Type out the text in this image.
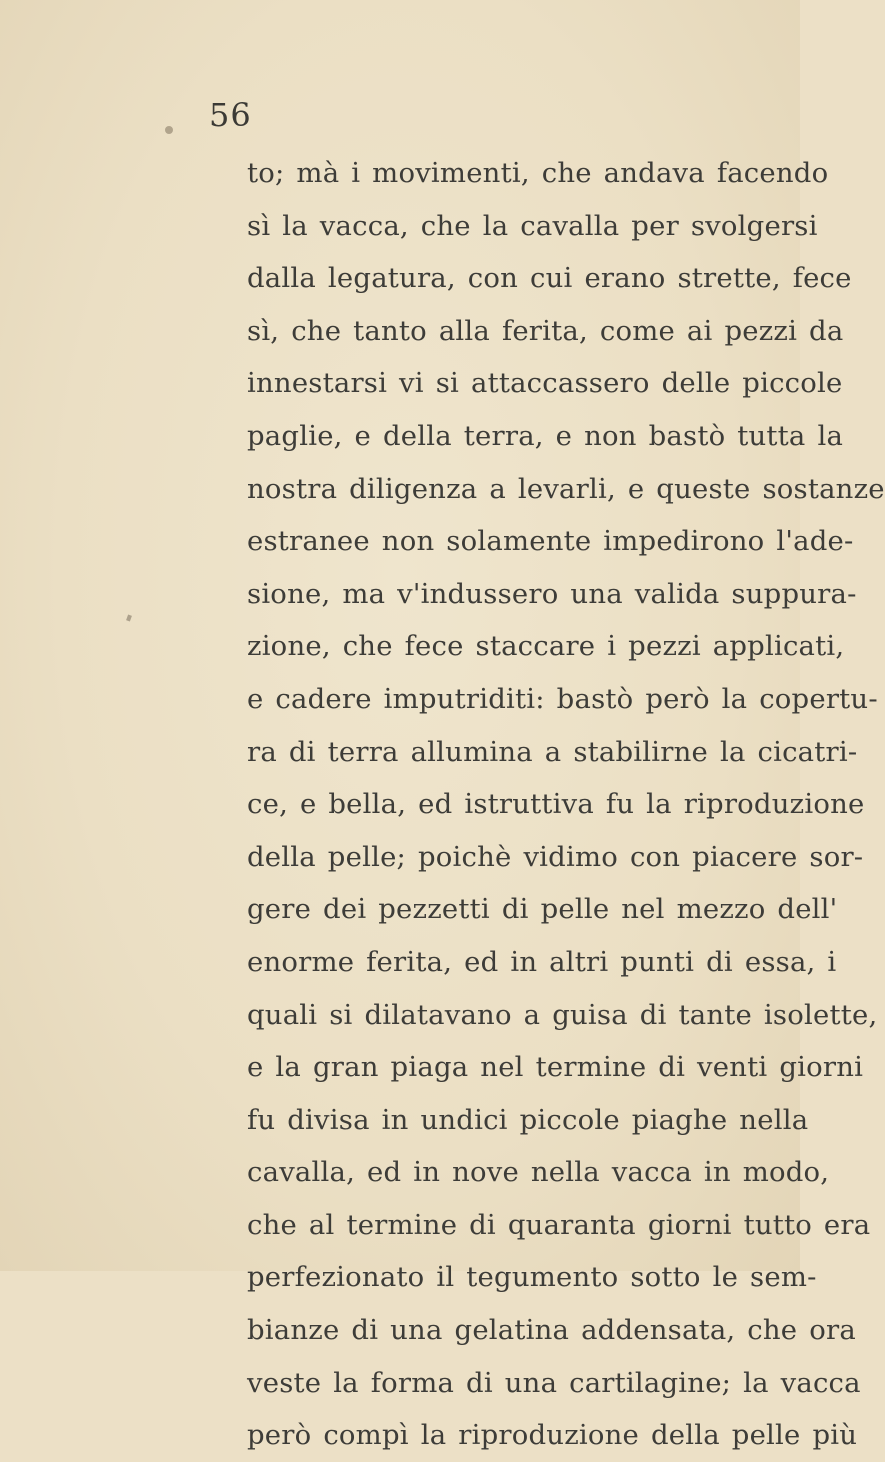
56
to; mà i movimenti, che andava facendo
sì la vacca, che la cavalla per svolgersi
dalla legatura, con cui erano strette, fece
sì, che tanto alla ferita, come ai pezzi da
innestarsi vi si attaccassero delle piccole
paglie, e della terra, e non bastò tutta la
nostra diligenza a levarli, e queste sostanze
estranee non solamente impedirono l'ade-
sione, ma v'indussero una valida suppura-
zione, che fece staccare i pezzi applicati,
e cadere imputriditi: bastò però la copertu-
ra di terra allumina a stabilirne la cicatri-
ce, e bella, ed istruttiva fu la riproduzione
della pelle; poichè vidimo con piacere sor-
gere dei pezzetti di pelle nel mezzo dell'
enorme ferita, ed in altri punti di essa, i
quali si dilatavano a guisa di tante isolette,
e la gran piaga nel termine di venti giorni
fu divisa in undici piccole piaghe nella
cavalla, ed in nove nella vacca in modo,
che al termine di quaranta giorni tutto era
perfezionato il tegumento sotto le sem-
bianze di una gelatina addensata, che ora
veste la forma di una cartilagine; la vacca
però compì la riproduzione della pelle più
